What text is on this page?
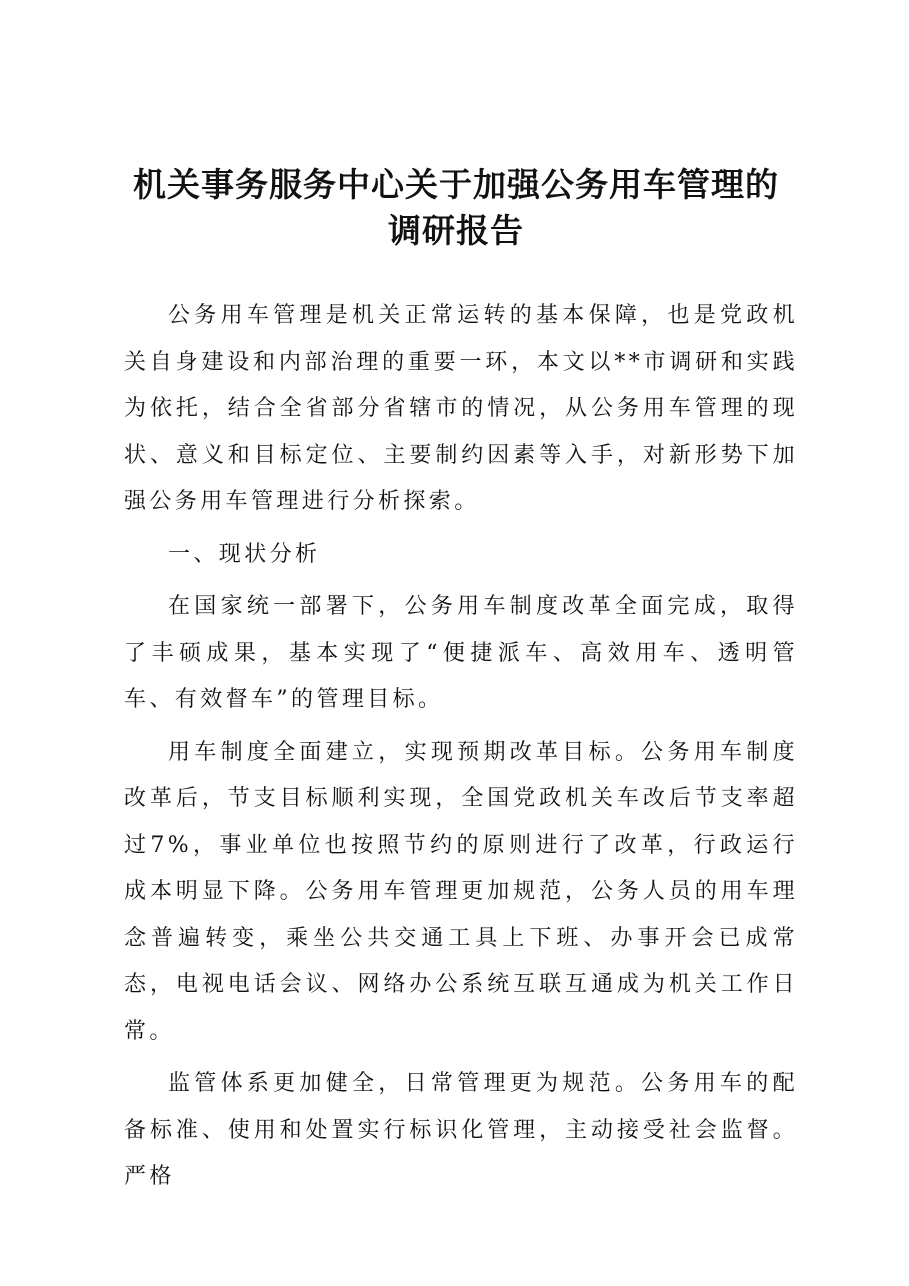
机关事务服务中心关于加强公务用车管理的调研报告

公务用车管理是机关正常运转的基本保障，也是党政机关自身建设和内部治理的重要一环，本文以**市调研和实践为依托，结合全省部分省辖市的情况，从公务用车管理的现状、意义和目标定位、主要制约因素等入手，对新形势下加强公务用车管理进行分析探索。

一、现状分析

在国家统一部署下，公务用车制度改革全面完成，取得了丰硕成果，基本实现了“便捷派车、高效用车、透明管车、有效督车”的管理目标。

用车制度全面建立，实现预期改革目标。公务用车制度改革后，节支目标顺利实现，全国党政机关车改后节支率超过7%，事业单位也按照节约的原则进行了改革，行政运行成本明显下降。公务用车管理更加规范，公务人员的用车理念普遍转变，乘坐公共交通工具上下班、办事开会已成常态，电视电话会议、网络办公系统互联互通成为机关工作日常。

监管体系更加健全，日常管理更为规范。公务用车的配备标准、使用和处置实行标识化管理，主动接受社会监督。严格
